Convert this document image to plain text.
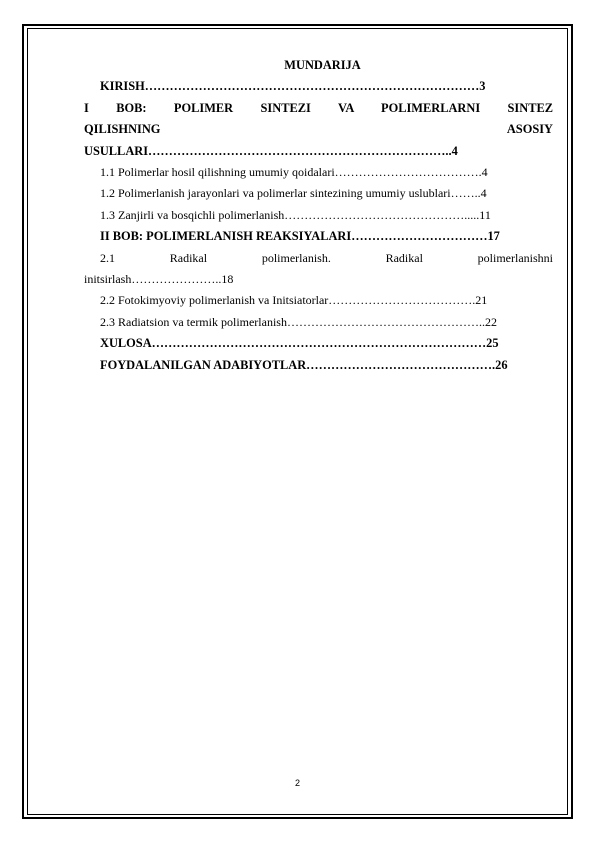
MUNDARIJA
KIRISH………………………………………………………………………3
I BOB: POLIMER SINTEZI VA POLIMERLARNI SINTEZ
QILISHNING ASOSIY
USULLARI………………………………………………………………..4
1.1 Polimerlar hosil qilishning umumiy qoidalari……………………………….4
1.2 Polimerlanish jarayonlari va polimerlar sintezining umumiy uslublari……..4
1.3 Zanjirli va bosqichli polimerlanish……………………………………….....11
II BOB: POLIMERLANISH REAKSIYALARI……………………………17
2.1 Radikal polimerlanish. Radikal polimerlanishni
initsirlash…………………..18
2.2 Fotokimyoviy polimerlanish va Initsiatorlar……………………………….21
2.3 Radiatsion va termik polimerlanish…………………………………………..22
XULOSA………………………………………………………………………25
FOYDALANILGAN ADABIYOTLAR……………………………………….26
2
